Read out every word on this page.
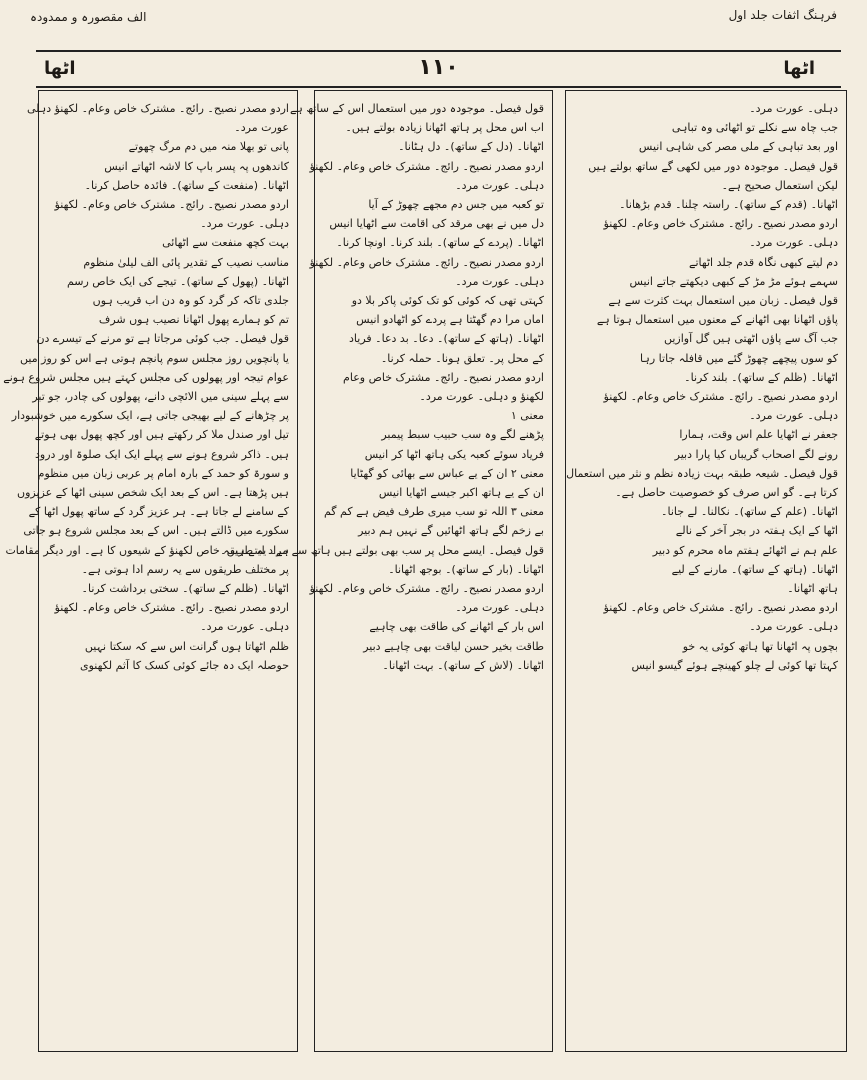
الف مقصورہ و ممدودہ	فرہنگ اثفات جلد اول
اٹھا	١١٠	اٹھا
دہلی۔ عورت مرد۔
جب چاہ سے نکلے تو اٹھائی وہ تباہی
اور بعد تباہی کے ملی مصر کی شاہی انیس
قول فیصل۔ موجودہ دور میں لکھی گے ساتھ بولتے ہیں
لیکن استعمال صحیح ہے۔
اٹھانا۔ (قدم کے ساتھ)۔ راستہ چلنا۔ قدم بڑھانا۔
اردو مصدر نصیح۔ رائج۔ مشترک خاص وعام۔ لکھنؤ
دہلی۔ عورت مرد۔
دم لیتے کبھی نگاہ قدم جلد اٹھاتے
سہمے ہوئے مڑ مڑ کے کبھی دیکھتے جاتے انیس
قول فیصل۔ زبان میں استعمال بہت کثرت سے ہے
پاؤں اٹھانا بھی اٹھانے کے معنوں میں استعمال ہوتا ہے
جب آگ سے پاؤں اٹھتی ہیں گل آوازیں
کو سوں پیچھے چھوڑ گئے میں قافلہ جاتا رہا
اٹھانا۔ (ظلم کے ساتھ)۔ بلند کرنا۔
اردو مصدر نصیح۔ رائج۔ مشترک خاص وعام۔ لکھنؤ
دہلی۔ عورت مرد۔
جعفر نے اٹھایا علم اس وقت، ہمارا
رونے لگے اصحاب گریباں کیا پارا دبیر
قول فیصل۔ شیعہ طبقہ بہت زیادہ نظم و نثر میں استعمال
کرتا ہے۔ گو اس صرف کو خصوصیت حاصل ہے۔
اٹھانا۔ (علم کے ساتھ)۔ نکالنا۔ لے جانا۔
اٹھا کے ایک ہفتہ در بجر آخر کے نالے
علم ہم نے اٹھائے ہفتم ماہ محرم کو دبیر
اٹھانا۔ (ہاتھ کے ساتھ)۔ مارنے کے لیے
ہاتھ اٹھانا۔
اردو مصدر نصیح۔ رائج۔ مشترک خاص وعام۔ لکھنؤ
دہلی۔ عورت مرد۔
بچوں پہ اٹھانا تھا ہاتھ کوئی یہ خو
کہتا تھا کوئی لے چلو کھینچے ہوئے گیسو انیس
قول فیصل۔ موجودہ دور میں استعمال اس کے ساتھ ہے
اب اس محل پر ہاتھ اٹھانا زیادہ بولتے ہیں۔
اٹھانا۔ (دل کے ساتھ)۔ دل ہٹانا۔
اردو مصدر نصیح۔ رائج۔ مشترک خاص وعام۔ لکھنؤ
دہلی۔ عورت مرد۔
تو کعبہ میں جس دم مجھے چھوڑ کے آیا
دل میں نے بھی مرقد کی اقامت سے اٹھایا انیس
اٹھانا۔ (پردے کے ساتھ)۔ بلند کرنا۔ اونچا کرنا۔
اردو مصدر نصیح۔ رائج۔ مشترک خاص وعام۔ لکھنؤ
دہلی۔ عورت مرد۔
کہتی تھی کہ کوئی کو تک کوئی پاکر بلا دو
اماں مرا دم گھٹتا ہے پردے کو اٹھادو انیس
اٹھانا۔ (ہاتھ کے ساتھ)۔ دعا۔ بد دعا۔ فریاد
کے محل پر۔ تعلق ہونا۔ حملہ کرنا۔
اردو مصدر نصیح۔ رائج۔ مشترک خاص وعام
لکھنؤ و دہلی۔ عورت مرد۔
معنی ١
پڑھنے لگے وہ سب حبیب سبط پیمبر
فریاد سوئے کعبہ یکی ہاتھ اٹھا کر انیس
معنی ٢ ان کے یے عباس سے بھائی کو گھٹایا
ان کے یے ہاتھ اکبر جیسے اٹھایا انیس
معنی ٣ اللہ تو سب میری طرف فیض ہے کم گم
بے زخم لگے ہاتھ اٹھائیں گے نہیں ہم دبیر
قول فیصل۔ ایسے محل پر سب بھی بولتے ہیں ہاتھ سے مراد لیتے ہیں۔
اٹھانا۔ (بار کے ساتھ)۔ بوجھ اٹھانا۔
اردو مصدر نصیح۔ رائج۔ مشترک خاص وعام۔ لکھنؤ
دہلی۔ عورت مرد۔
اس بار کے اٹھانے کی طاقت بھی چاہیے
طاقت بخیر حسن لیاقت بھی چاہیے دبیر
اٹھانا۔ (لاش کے ساتھ)۔ بہت اٹھانا۔
اردو مصدر نصیح۔ رائج۔ مشترک خاص وعام۔ لکھنؤ دہلی
عورت مرد۔
پانی تو بھلا منہ میں دم مرگ چھوتے
کاندھوں پہ پسر باپ کا لاشہ اٹھاتے انیس
اٹھانا۔ (منفعت کے ساتھ)۔ فائدہ حاصل کرنا۔
اردو مصدر نصیح۔ رائج۔ مشترک خاص وعام۔ لکھنؤ
دہلی۔ عورت مرد۔
بہت کچھ منفعت سے اٹھائی
مناسب نصیب کے تقدیر پائی الف لیلیٰ منظوم
اٹھانا۔ (پھول کے ساتھ)۔ تیجے کی ایک خاص رسم
جلدی تاکہ کر گرد کو وہ دن اب قریب ہوں
تم کو ہمارے پھول اٹھانا نصیب ہوں شرف
قول فیصل۔ جب کوئی مرجاتا ہے تو مرنے کے تیسرے دن
یا پانچویں روز مجلس سوم پانچم ہوتی ہے اس کو روز میں
عوام تیجہ اور پھولوں کی مجلس کہتے ہیں مجلس شروع ہونے
سے پہلے سینی میں الائچی دانے، پھولوں کی چادر، جو تبر
پر چڑھانے کے لیے بھیجی جاتی ہے، ایک سکورے میں خوشبودار
تیل اور صندل ملا کر رکھتے ہیں اور کچھ پھول بھی ہوتے
ہیں۔ ذاکر شروع ہونے سے پہلے ایک ایک صلوۃ اور درود
و سورۃ کو حمد کے بارہ امام پر عربی زبان میں منظوم
ہیں پڑھتا ہے۔ اس کے بعد ایک شخص سینی اٹھا کے عزیزوں
کے سامنے لے جاتا ہے۔ ہر عزیز گرد کے ساتھ پھول اٹھا کے
سکورے میں ڈالتے ہیں۔ اس کے بعد مجلس شروع ہو جاتی
ہے۔ یہ طریقہ خاص لکھنؤ کے شیعوں کا ہے۔ اور دیگر مقامات
پر مختلف طریقوں سے یہ رسم ادا ہوتی ہے۔
اٹھانا۔ (ظلم کے ساتھ)۔ سختی برداشت کرنا۔
اردو مصدر نصیح۔ رائج۔ مشترک خاص وعام۔ لکھنؤ
دہلی۔ عورت مرد۔
ظلم اٹھاتا ہوں گرانت اس سے کہ سکتا نہیں
حوصلہ ایک دہ جائے کوئی کسک کا آثم لکھنوی
